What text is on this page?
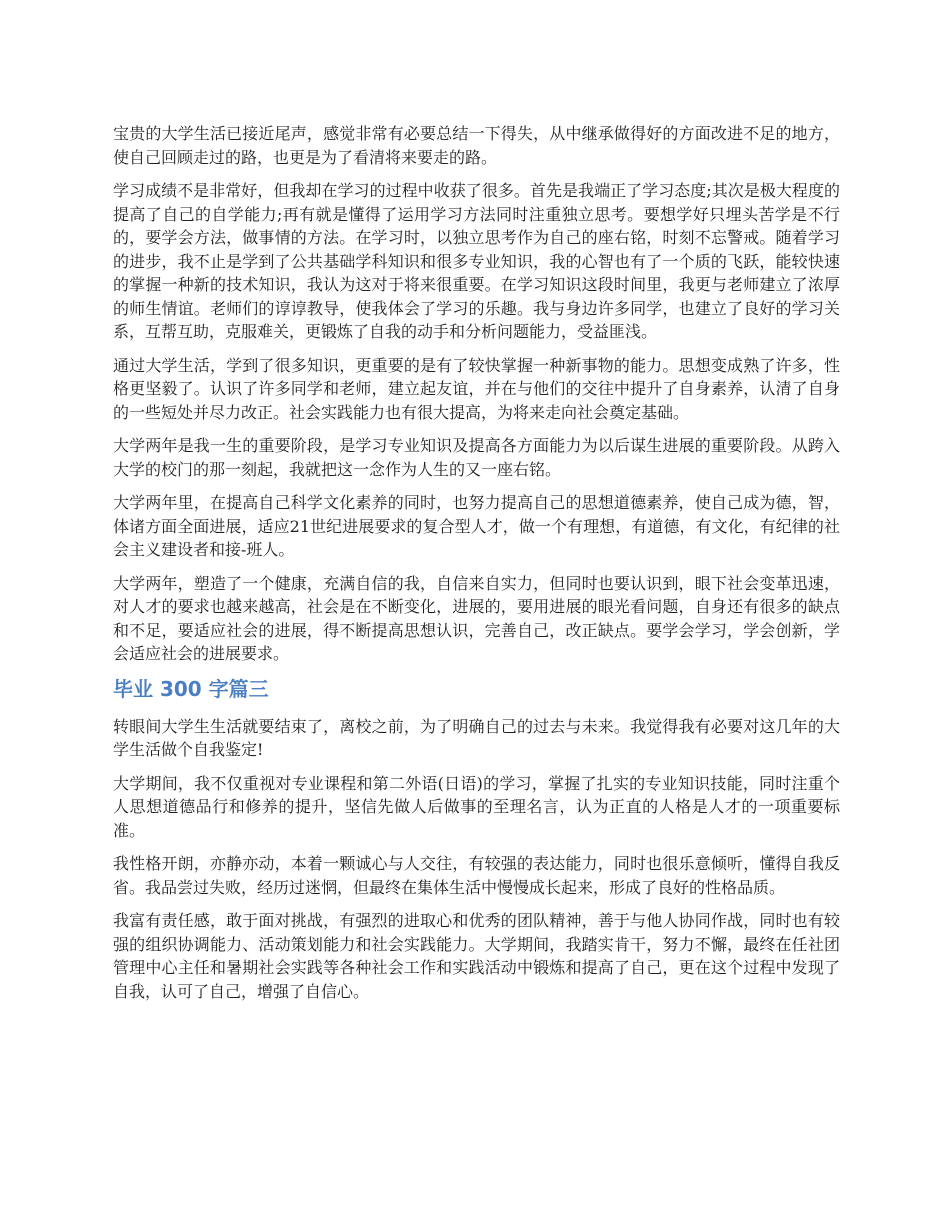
宝贵的大学生活已接近尾声，感觉非常有必要总结一下得失，从中继承做得好的方面改进不足的地方，使自己回顾走过的路，也更是为了看清将来要走的路。

学习成绩不是非常好，但我却在学习的过程中收获了很多。首先是我端正了学习态度;其次是极大程度的提高了自己的自学能力;再有就是懂得了运用学习方法同时注重独立思考。要想学好只埋头苦学是不行的，要学会方法，做事情的方法。在学习时，以独立思考作为自己的座右铭，时刻不忘警戒。随着学习的进步，我不止是学到了公共基础学科知识和很多专业知识，我的心智也有了一个质的飞跃，能较快速的掌握一种新的技术知识，我认为这对于将来很重要。在学习知识这段时间里，我更与老师建立了浓厚的师生情谊。老师们的谆谆教导，使我体会了学习的乐趣。我与身边许多同学，也建立了良好的学习关系，互帮互助，克服难关，更锻炼了自我的动手和分析问题能力，受益匪浅。

通过大学生活，学到了很多知识，更重要的是有了较快掌握一种新事物的能力。思想变成熟了许多，性格更坚毅了。认识了许多同学和老师，建立起友谊，并在与他们的交往中提升了自身素养，认清了自身的一些短处并尽力改正。社会实践能力也有很大提高，为将来走向社会奠定基础。

大学两年是我一生的重要阶段，是学习专业知识及提高各方面能力为以后谋生进展的重要阶段。从跨入大学的校门的那一刻起，我就把这一念作为人生的又一座右铭。

大学两年里，在提高自己科学文化素养的同时，也努力提高自己的思想道德素养，使自己成为德，智，体诸方面全面进展，适应21世纪进展要求的复合型人才，做一个有理想，有道德，有文化，有纪律的社会主义建设者和接-班人。

大学两年，塑造了一个健康，充满自信的我，自信来自实力，但同时也要认识到，眼下社会变革迅速，对人才的要求也越来越高，社会是在不断变化，进展的，要用进展的眼光看问题，自身还有很多的缺点和不足，要适应社会的进展，得不断提高思想认识，完善自己，改正缺点。要学会学习，学会创新，学会适应社会的进展要求。

毕业 300 字篇三

转眼间大学生生活就要结束了，离校之前，为了明确自己的过去与未来。我觉得我有必要对这几年的大学生活做个自我鉴定!

大学期间，我不仅重视对专业课程和第二外语(日语)的学习，掌握了扎实的专业知识技能，同时注重个人思想道德品行和修养的提升，坚信先做人后做事的至理名言，认为正直的人格是人才的一项重要标准。

我性格开朗，亦静亦动，本着一颗诚心与人交往，有较强的表达能力，同时也很乐意倾听，懂得自我反省。我品尝过失败，经历过迷惘，但最终在集体生活中慢慢成长起来，形成了良好的性格品质。

我富有责任感，敢于面对挑战，有强烈的进取心和优秀的团队精神，善于与他人协同作战，同时也有较强的组织协调能力、活动策划能力和社会实践能力。大学期间，我踏实肯干，努力不懈，最终在任社团管理中心主任和暑期社会实践等各种社会工作和实践活动中锻炼和提高了自己，更在这个过程中发现了自我，认可了自己，增强了自信心。
